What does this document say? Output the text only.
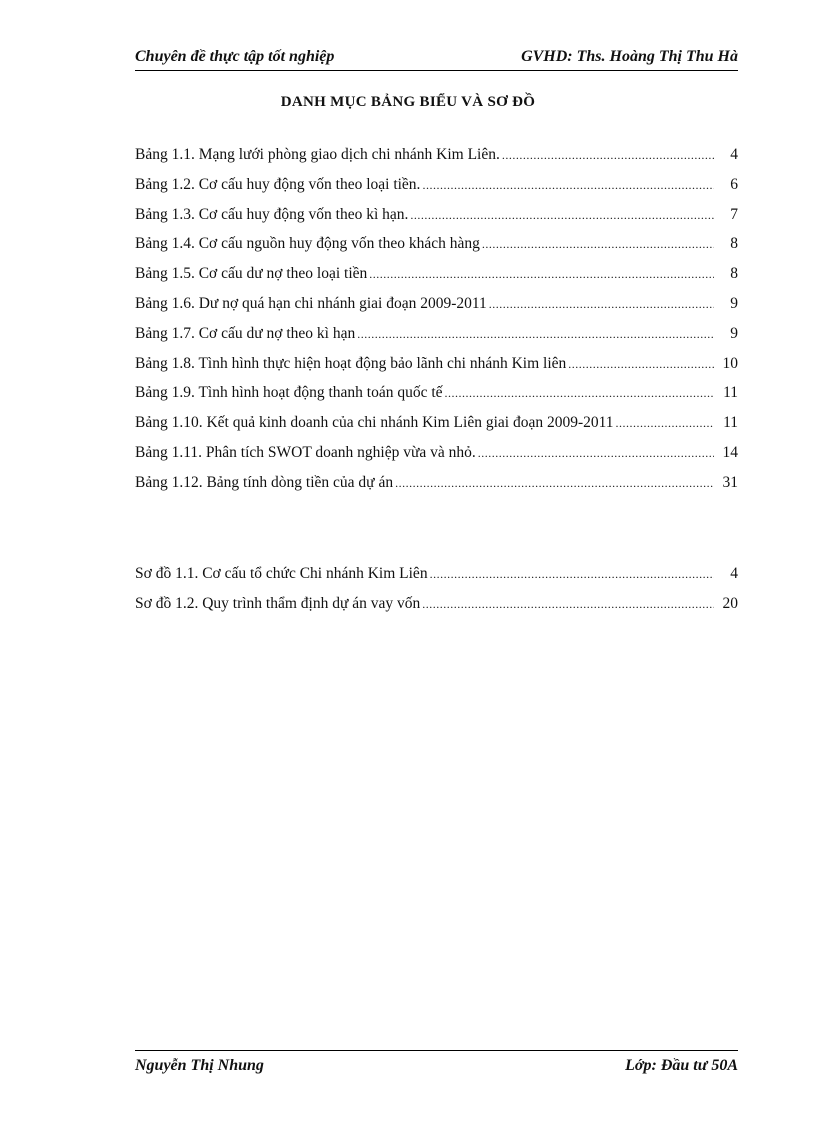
Chuyên đề thực tập tốt nghiệp	GVHD: Ths. Hoàng Thị Thu Hà
DANH MỤC BẢNG BIỂU VÀ SƠ ĐỒ
Bảng 1.1. Mạng lưới phòng giao dịch chi nhánh Kim Liên. .....	4
Bảng 1.2. Cơ cấu huy động vốn theo loại tiền. .....	6
Bảng 1.3. Cơ cấu huy động vốn theo kì hạn. .....	7
Bảng 1.4. Cơ cấu nguồn huy động vốn theo khách hàng .....	8
Bảng 1.5. Cơ cấu dư nợ theo loại tiền .....	8
Bảng 1.6. Dư nợ quá hạn chi nhánh giai đoạn 2009-2011 .....	9
Bảng 1.7. Cơ cấu dư nợ theo kì hạn .....	9
Bảng 1.8. Tình hình thực hiện hoạt động bảo lãnh chi nhánh Kim liên .....	10
Bảng 1.9. Tình hình hoạt động thanh toán quốc tế .....	11
Bảng 1.10. Kết quả kinh doanh của chi nhánh Kim Liên giai đoạn 2009-2011 .....	11
Bảng 1.11. Phân tích SWOT doanh nghiệp vừa và nhỏ. .....	14
Bảng 1.12. Bảng tính dòng tiền của dự án .....	31
Sơ đồ 1.1. Cơ cấu tổ chức Chi nhánh Kim Liên .....	4
Sơ đồ 1.2. Quy trình thẩm định dự án vay vốn .....	20
Nguyễn Thị Nhung	Lớp: Đầu tư 50A
